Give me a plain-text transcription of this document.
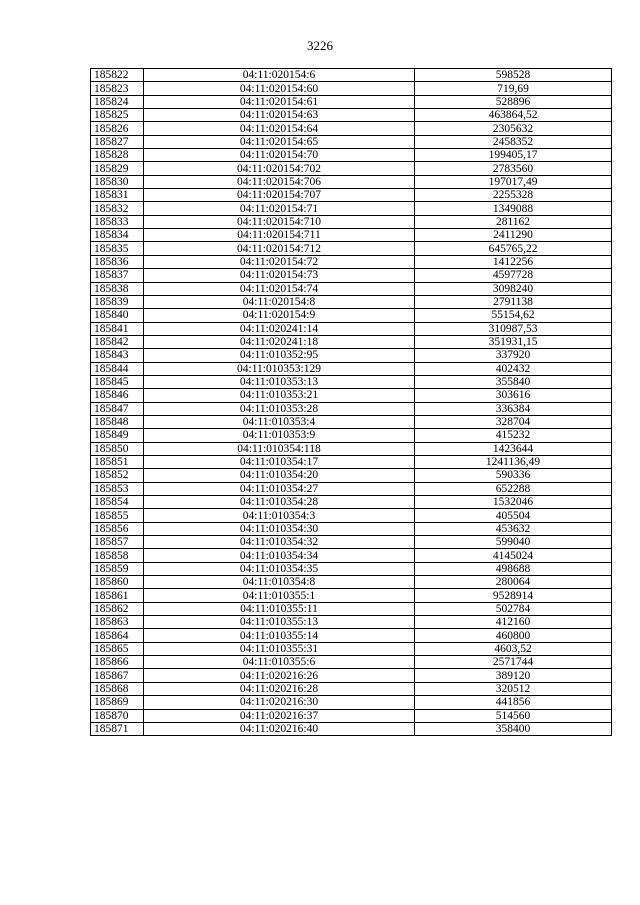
3226
185822	04:11:020154:6	598528
185823	04:11:020154:60	719,69
185824	04:11:020154:61	528896
185825	04:11:020154:63	463864,52
185826	04:11:020154:64	2305632
185827	04:11:020154:65	2458352
185828	04:11:020154:70	199405,17
185829	04:11:020154:702	2783560
185830	04:11:020154:706	197017,49
185831	04:11:020154:707	2255328
185832	04:11:020154:71	1349088
185833	04:11:020154:710	281162
185834	04:11:020154:711	2411290
185835	04:11:020154:712	645765,22
185836	04:11:020154:72	1412256
185837	04:11:020154:73	4597728
185838	04:11:020154:74	3098240
185839	04:11:020154:8	2791138
185840	04:11:020154:9	55154,62
185841	04:11:020241:14	310987,53
185842	04:11:020241:18	351931,15
185843	04:11:010352:95	337920
185844	04:11:010353:129	402432
185845	04:11:010353:13	355840
185846	04:11:010353:21	303616
185847	04:11:010353:28	336384
185848	04:11:010353:4	328704
185849	04:11:010353:9	415232
185850	04:11:010354:118	1423644
185851	04:11:010354:17	1241136,49
185852	04:11:010354:20	590336
185853	04:11:010354:27	652288
185854	04:11:010354:28	1532046
185855	04:11:010354:3	405504
185856	04:11:010354:30	453632
185857	04:11:010354:32	599040
185858	04:11:010354:34	4145024
185859	04:11:010354:35	498688
185860	04:11:010354:8	280064
185861	04:11:010355:1	9528914
185862	04:11:010355:11	502784
185863	04:11:010355:13	412160
185864	04:11:010355:14	460800
185865	04:11:010355:31	4603,52
185866	04:11:010355:6	2571744
185867	04:11:020216:26	389120
185868	04:11:020216:28	320512
185869	04:11:020216:30	441856
185870	04:11:020216:37	514560
185871	04:11:020216:40	358400
